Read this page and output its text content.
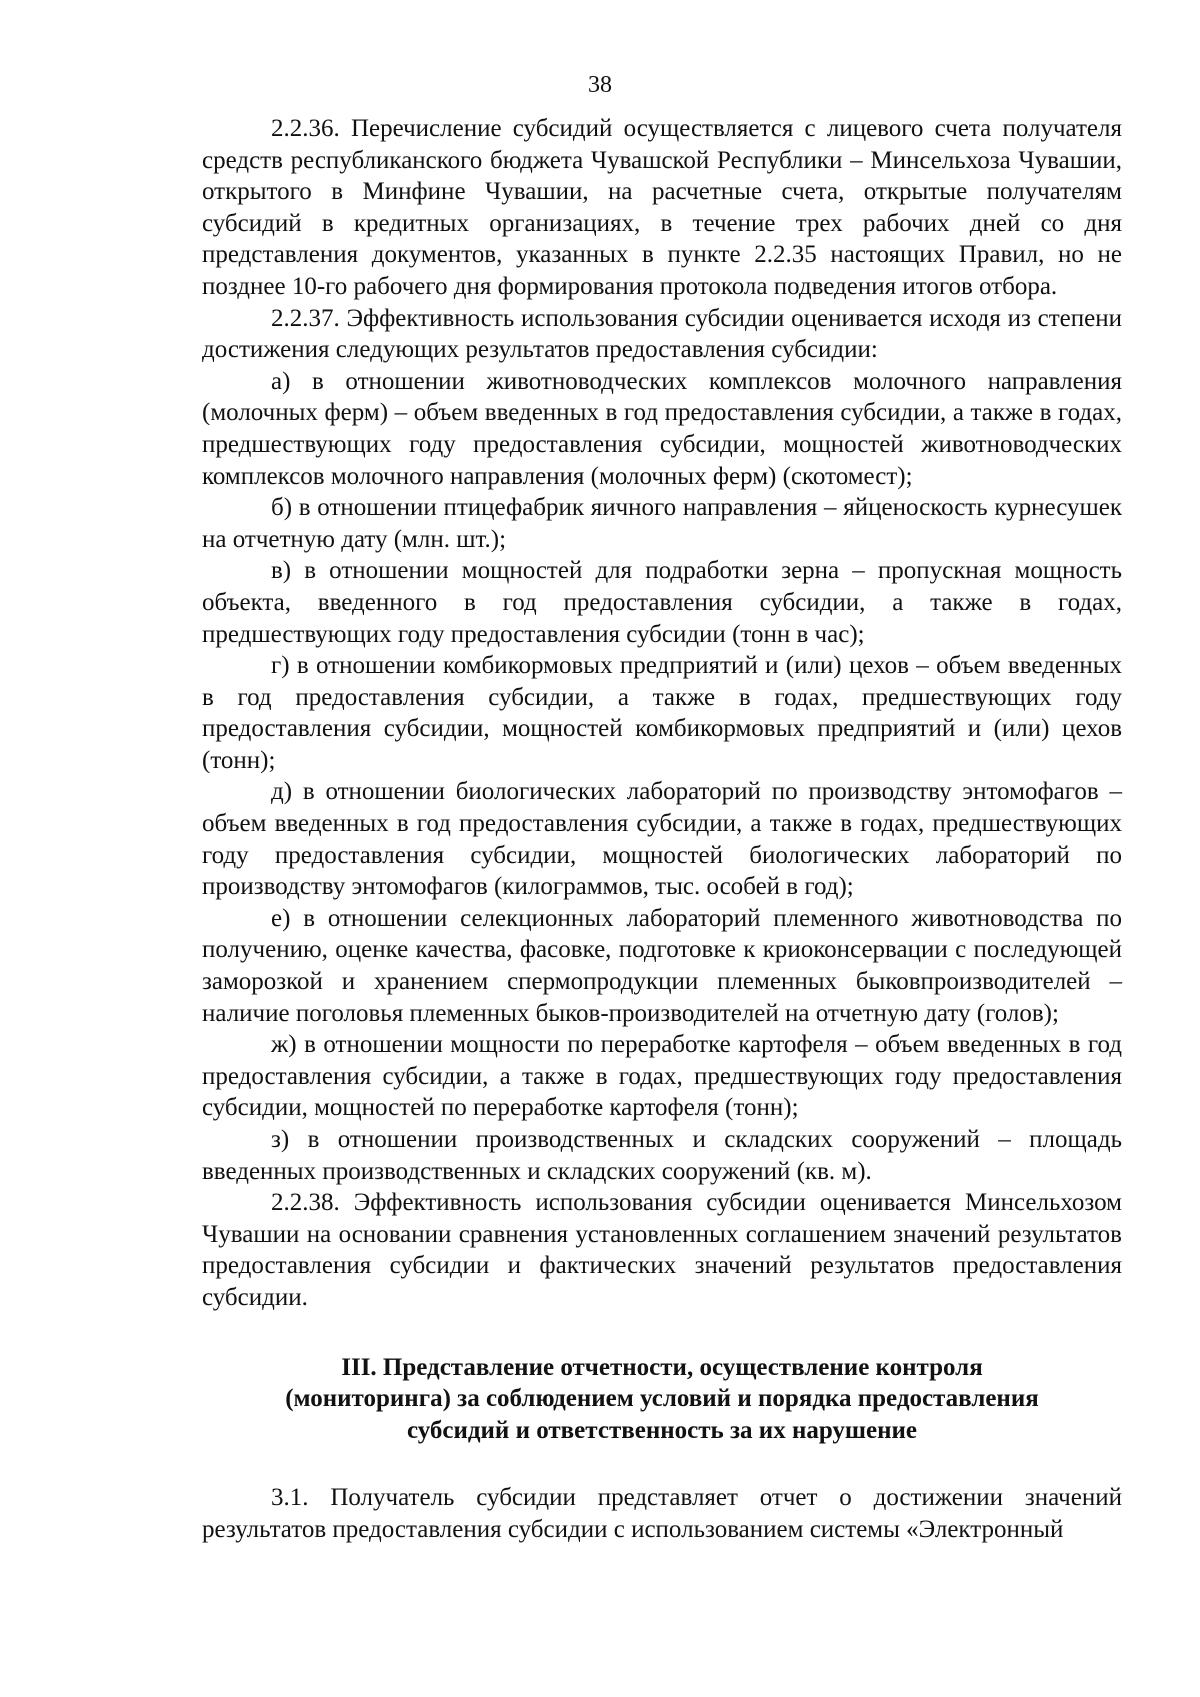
38

2.2.36. Перечисление субсидий осуществляется с лицевого счета получателя средств республиканского бюджета Чувашской Республики – Минсельхоза Чувашии, открытого в Минфине Чувашии, на расчетные счета, открытые получателям субсидий в кредитных организациях, в течение трех рабочих дней со дня представления документов, указанных в пункте 2.2.35 настоящих Правил, но не позднее 10-го рабочего дня формирования протокола подведения итогов отбора.

2.2.37. Эффективность использования субсидии оценивается исходя из степени достижения следующих результатов предоставления субсидии:

а) в отношении животноводческих комплексов молочного направления (молочных ферм) – объем введенных в год предоставления субсидии, а также в годах, предшествующих году предоставления субсидии, мощностей животноводческих комплексов молочного направления (молочных ферм) (скотомест);

б) в отношении птицефабрик яичного направления – яйценоскость курнесушек на отчетную дату (млн. шт.);

в) в отношении мощностей для подработки зерна – пропускная мощность объекта, введенного в год предоставления субсидии, а также в годах, предшествующих году предоставления субсидии (тонн в час);

г) в отношении комбикормовых предприятий и (или) цехов – объем введенных в год предоставления субсидии, а также в годах, предшествующих году предоставления субсидии, мощностей комбикормовых предприятий и (или) цехов (тонн);

д) в отношении биологических лабораторий по производству энтомофагов – объем введенных в год предоставления субсидии, а также в годах, предшествующих году предоставления субсидии, мощностей биологических лабораторий по производству энтомофагов (килограммов, тыс. особей в год);

е) в отношении селекционных лабораторий племенного животноводства по получению, оценке качества, фасовке, подготовке к криоконсервации с последующей заморозкой и хранением спермопродукции племенных быковпроизводителей – наличие поголовья племенных быков-производителей на отчетную дату (голов);

ж) в отношении мощности по переработке картофеля – объем введенных в год предоставления субсидии, а также в годах, предшествующих году предоставления субсидии, мощностей по переработке картофеля (тонн);

з) в отношении производственных и складских сооружений – площадь введенных производственных и складских сооружений (кв. м).

2.2.38. Эффективность использования субсидии оценивается Минсельхозом Чувашии на основании сравнения установленных соглашением значений результатов предоставления субсидии и фактических значений результатов предоставления субсидии.

III. Представление отчетности, осуществление контроля
(мониторинга) за соблюдением условий и порядка предоставления
субсидий и ответственность за их нарушение

3.1. Получатель субсидии представляет отчет о достижении значений результатов предоставления субсидии с использованием системы «Электронный
